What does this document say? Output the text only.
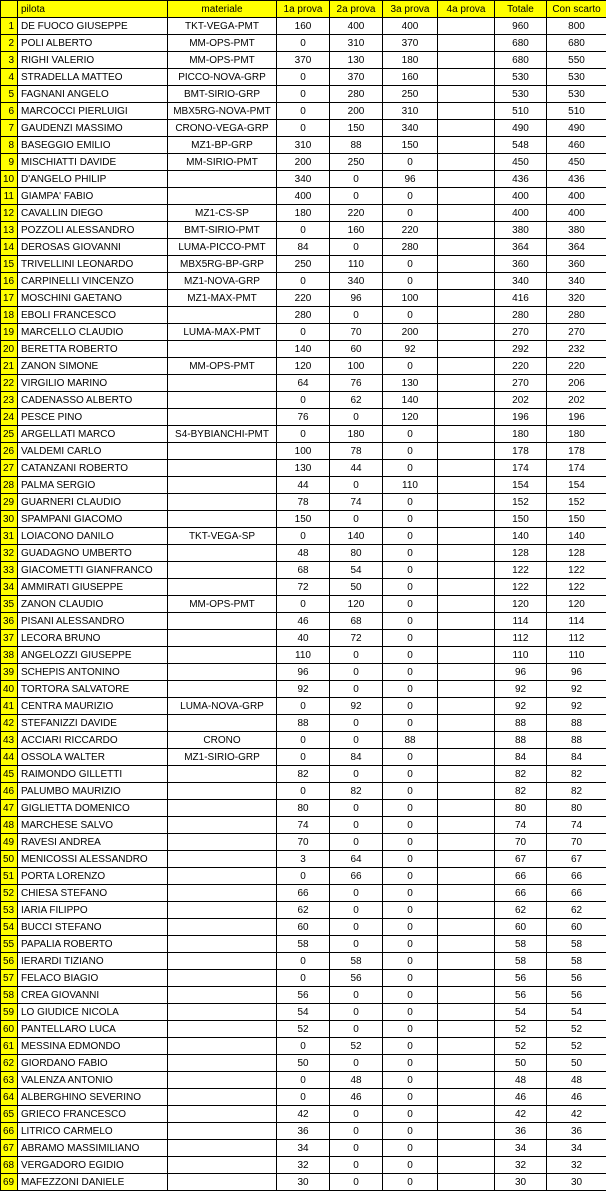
	pilota	materiale	1a prova	2a prova	3a prova	4a prova	Totale	Con scarto
1	DE FUOCO GIUSEPPE	TKT-VEGA-PMT	160	400	400		960	800
2	POLI ALBERTO	MM-OPS-PMT	0	310	370		680	680
3	RIGHI VALERIO	MM-OPS-PMT	370	130	180		680	550
4	STRADELLA MATTEO	PICCO-NOVA-GRP	0	370	160		530	530
5	FAGNANI ANGELO	BMT-SIRIO-GRP	0	280	250		530	530
6	MARCOCCI PIERLUIGI	MBX5RG-NOVA-PMT	0	200	310		510	510
7	GAUDENZI MASSIMO	CRONO-VEGA-GRP	0	150	340		490	490
8	BASEGGIO EMILIO	MZ1-BP-GRP	310	88	150		548	460
9	MISCHIATTI DAVIDE	MM-SIRIO-PMT	200	250	0		450	450
10	D'ANGELO PHILIP		340	0	96		436	436
11	GIAMPA' FABIO		400	0	0		400	400
12	CAVALLIN DIEGO	MZ1-CS-SP	180	220	0		400	400
13	POZZOLI ALESSANDRO	BMT-SIRIO-PMT	0	160	220		380	380
14	DEROSAS GIOVANNI	LUMA-PICCO-PMT	84	0	280		364	364
15	TRIVELLINI LEONARDO	MBX5RG-BP-GRP	250	110	0		360	360
16	CARPINELLI VINCENZO	MZ1-NOVA-GRP	0	340	0		340	340
17	MOSCHINI GAETANO	MZ1-MAX-PMT	220	96	100		416	320
18	EBOLI FRANCESCO		280	0	0		280	280
19	MARCELLO CLAUDIO	LUMA-MAX-PMT	0	70	200		270	270
20	BERETTA ROBERTO		140	60	92		292	232
21	ZANON SIMONE	MM-OPS-PMT	120	100	0		220	220
22	VIRGILIO MARINO		64	76	130		270	206
23	CADENASSO ALBERTO		0	62	140		202	202
24	PESCE PINO		76	0	120		196	196
25	ARGELLATI MARCO	S4-BYBIANCHI-PMT	0	180	0		180	180
26	VALDEMI CARLO		100	78	0		178	178
27	CATANZANI ROBERTO		130	44	0		174	174
28	PALMA SERGIO		44	0	110		154	154
29	GUARNERI CLAUDIO		78	74	0		152	152
30	SPAMPANI GIACOMO		150	0	0		150	150
31	LOIACONO DANILO	TKT-VEGA-SP	0	140	0		140	140
32	GUADAGNO UMBERTO		48	80	0		128	128
33	GIACOMETTI GIANFRANCO		68	54	0		122	122
34	AMMIRATI GIUSEPPE		72	50	0		122	122
35	ZANON CLAUDIO	MM-OPS-PMT	0	120	0		120	120
36	PISANI ALESSANDRO		46	68	0		114	114
37	LECORA BRUNO		40	72	0		112	112
38	ANGELOZZI GIUSEPPE		110	0	0		110	110
39	SCHEPIS ANTONINO		96	0	0		96	96
40	TORTORA SALVATORE		92	0	0		92	92
41	CENTRA MAURIZIO	LUMA-NOVA-GRP	0	92	0		92	92
42	STEFANIZZI DAVIDE		88	0	0		88	88
43	ACCIARI RICCARDO	CRONO	0	0	88		88	88
44	OSSOLA WALTER	MZ1-SIRIO-GRP	0	84	0		84	84
45	RAIMONDO GILLETTI		82	0	0		82	82
46	PALUMBO MAURIZIO		0	82	0		82	82
47	GIGLIETTA DOMENICO		80	0	0		80	80
48	MARCHESE SALVO		74	0	0		74	74
49	RAVESI ANDREA		70	0	0		70	70
50	MENICOSSI ALESSANDRO		3	64	0		67	67
51	PORTA LORENZO		0	66	0		66	66
52	CHIESA STEFANO		66	0	0		66	66
53	IARIA FILIPPO		62	0	0		62	62
54	BUCCI STEFANO		60	0	0		60	60
55	PAPALIA ROBERTO		58	0	0		58	58
56	IERARDI TIZIANO		0	58	0		58	58
57	FELACO BIAGIO		0	56	0		56	56
58	CREA GIOVANNI		56	0	0		56	56
59	LO GIUDICE NICOLA		54	0	0		54	54
60	PANTELLARO LUCA		52	0	0		52	52
61	MESSINA EDMONDO		0	52	0		52	52
62	GIORDANO FABIO		50	0	0		50	50
63	VALENZA ANTONIO		0	48	0		48	48
64	ALBERGHINO SEVERINO		0	46	0		46	46
65	GRIECO FRANCESCO		42	0	0		42	42
66	LITRICO CARMELO		36	0	0		36	36
67	ABRAMO MASSIMILIANO		34	0	0		34	34
68	VERGADORO EGIDIO		32	0	0		32	32
69	MAFEZZONI DANIELE		30	0	0		30	30
